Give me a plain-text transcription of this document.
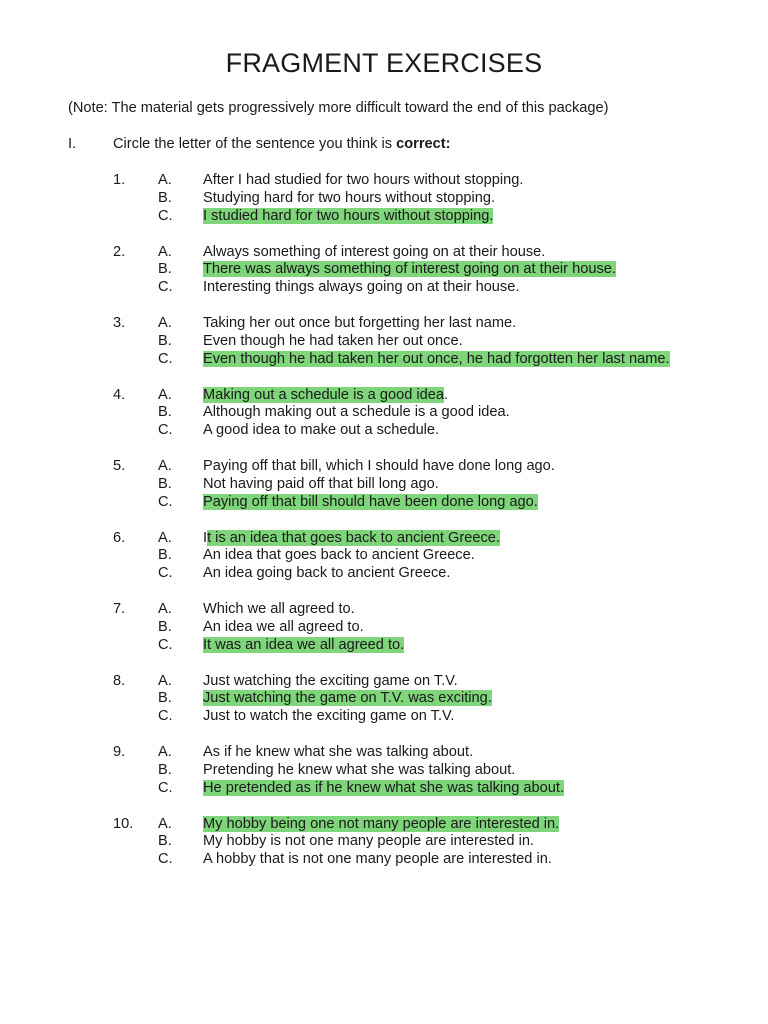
FRAGMENT EXERCISES
(Note: The material gets progressively more difficult toward the end of this package)
I.	Circle the letter of the sentence you think is correct:
1.	A. After I had studied for two hours without stopping.
B. Studying hard for two hours without stopping.
C. I studied hard for two hours without stopping.
2.	A. Always something of interest going on at their house.
B. There was always something of interest going on at their house.
C. Interesting things always going on at their house.
3.	A. Taking her out once but forgetting her last name.
B. Even though he had taken her out once.
C. Even though he had taken her out once, he had forgotten her last name.
4.	A. Making out a schedule is a good idea.
B. Although making out a schedule is a good idea.
C. A good idea to make out a schedule.
5.	A. Paying off that bill, which I should have done long ago.
B. Not having paid off that bill long ago.
C. Paying off that bill should have been done long ago.
6.	A. It is an idea that goes back to ancient Greece.
B. An idea that goes back to ancient Greece.
C. An idea going back to ancient Greece.
7.	A. Which we all agreed to.
B. An idea we all agreed to.
C. It was an idea we all agreed to.
8.	A. Just watching the exciting game on T.V.
B. Just watching the game on T.V. was exciting.
C. Just to watch the exciting game on T.V.
9.	A. As if he knew what she was talking about.
B. Pretending he knew what she was talking about.
C. He pretended as if he knew what she was talking about.
10.	A. My hobby being one not many people are interested in.
B. My hobby is not one many people are interested in.
C. A hobby that is not one many people are interested in.
